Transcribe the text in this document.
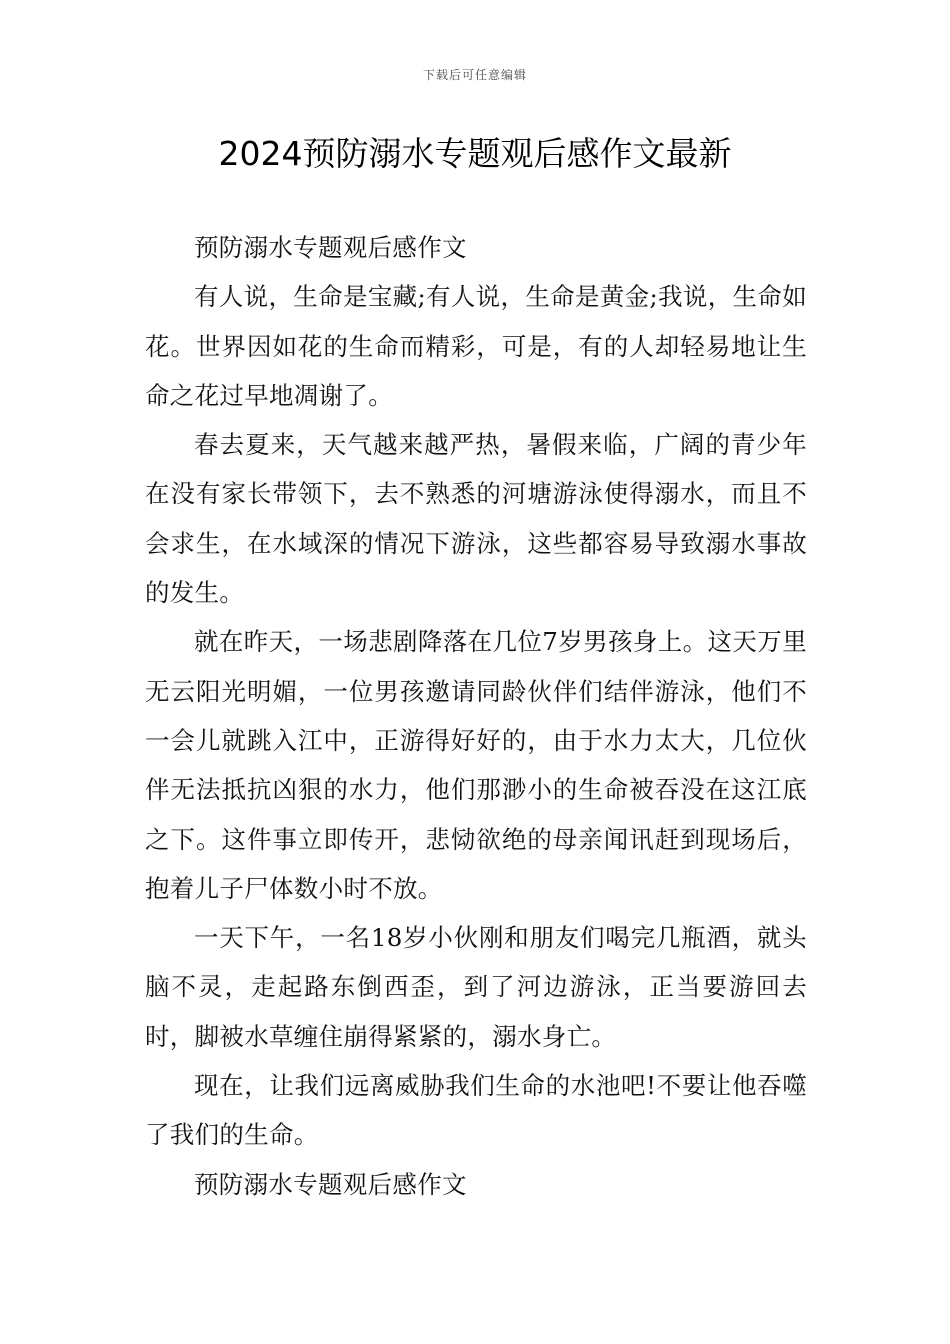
下载后可任意编辑
2024预防溺水专题观后感作文最新

预防溺水专题观后感作文

有人说，生命是宝藏;有人说，生命是黄金;我说，生命如花。世界因如花的生命而精彩，可是，有的人却轻易地让生命之花过早地凋谢了。

春去夏来，天气越来越严热，暑假来临，广阔的青少年在没有家长带领下，去不熟悉的河塘游泳使得溺水，而且不会求生，在水域深的情况下游泳，这些都容易导致溺水事故的发生。

就在昨天，一场悲剧降落在几位7岁男孩身上。这天万里无云阳光明媚，一位男孩邀请同龄伙伴们结伴游泳，他们不一会儿就跳入江中，正游得好好的，由于水力太大，几位伙伴无法抵抗凶狠的水力，他们那渺小的生命被吞没在这江底之下。这件事立即传开，悲恸欲绝的母亲闻讯赶到现场后，抱着儿子尸体数小时不放。

一天下午，一名18岁小伙刚和朋友们喝完几瓶酒，就头脑不灵，走起路东倒西歪，到了河边游泳，正当要游回去时，脚被水草缠住崩得紧紧的，溺水身亡。

现在，让我们远离威胁我们生命的水池吧!不要让他吞噬了我们的生命。

预防溺水专题观后感作文
